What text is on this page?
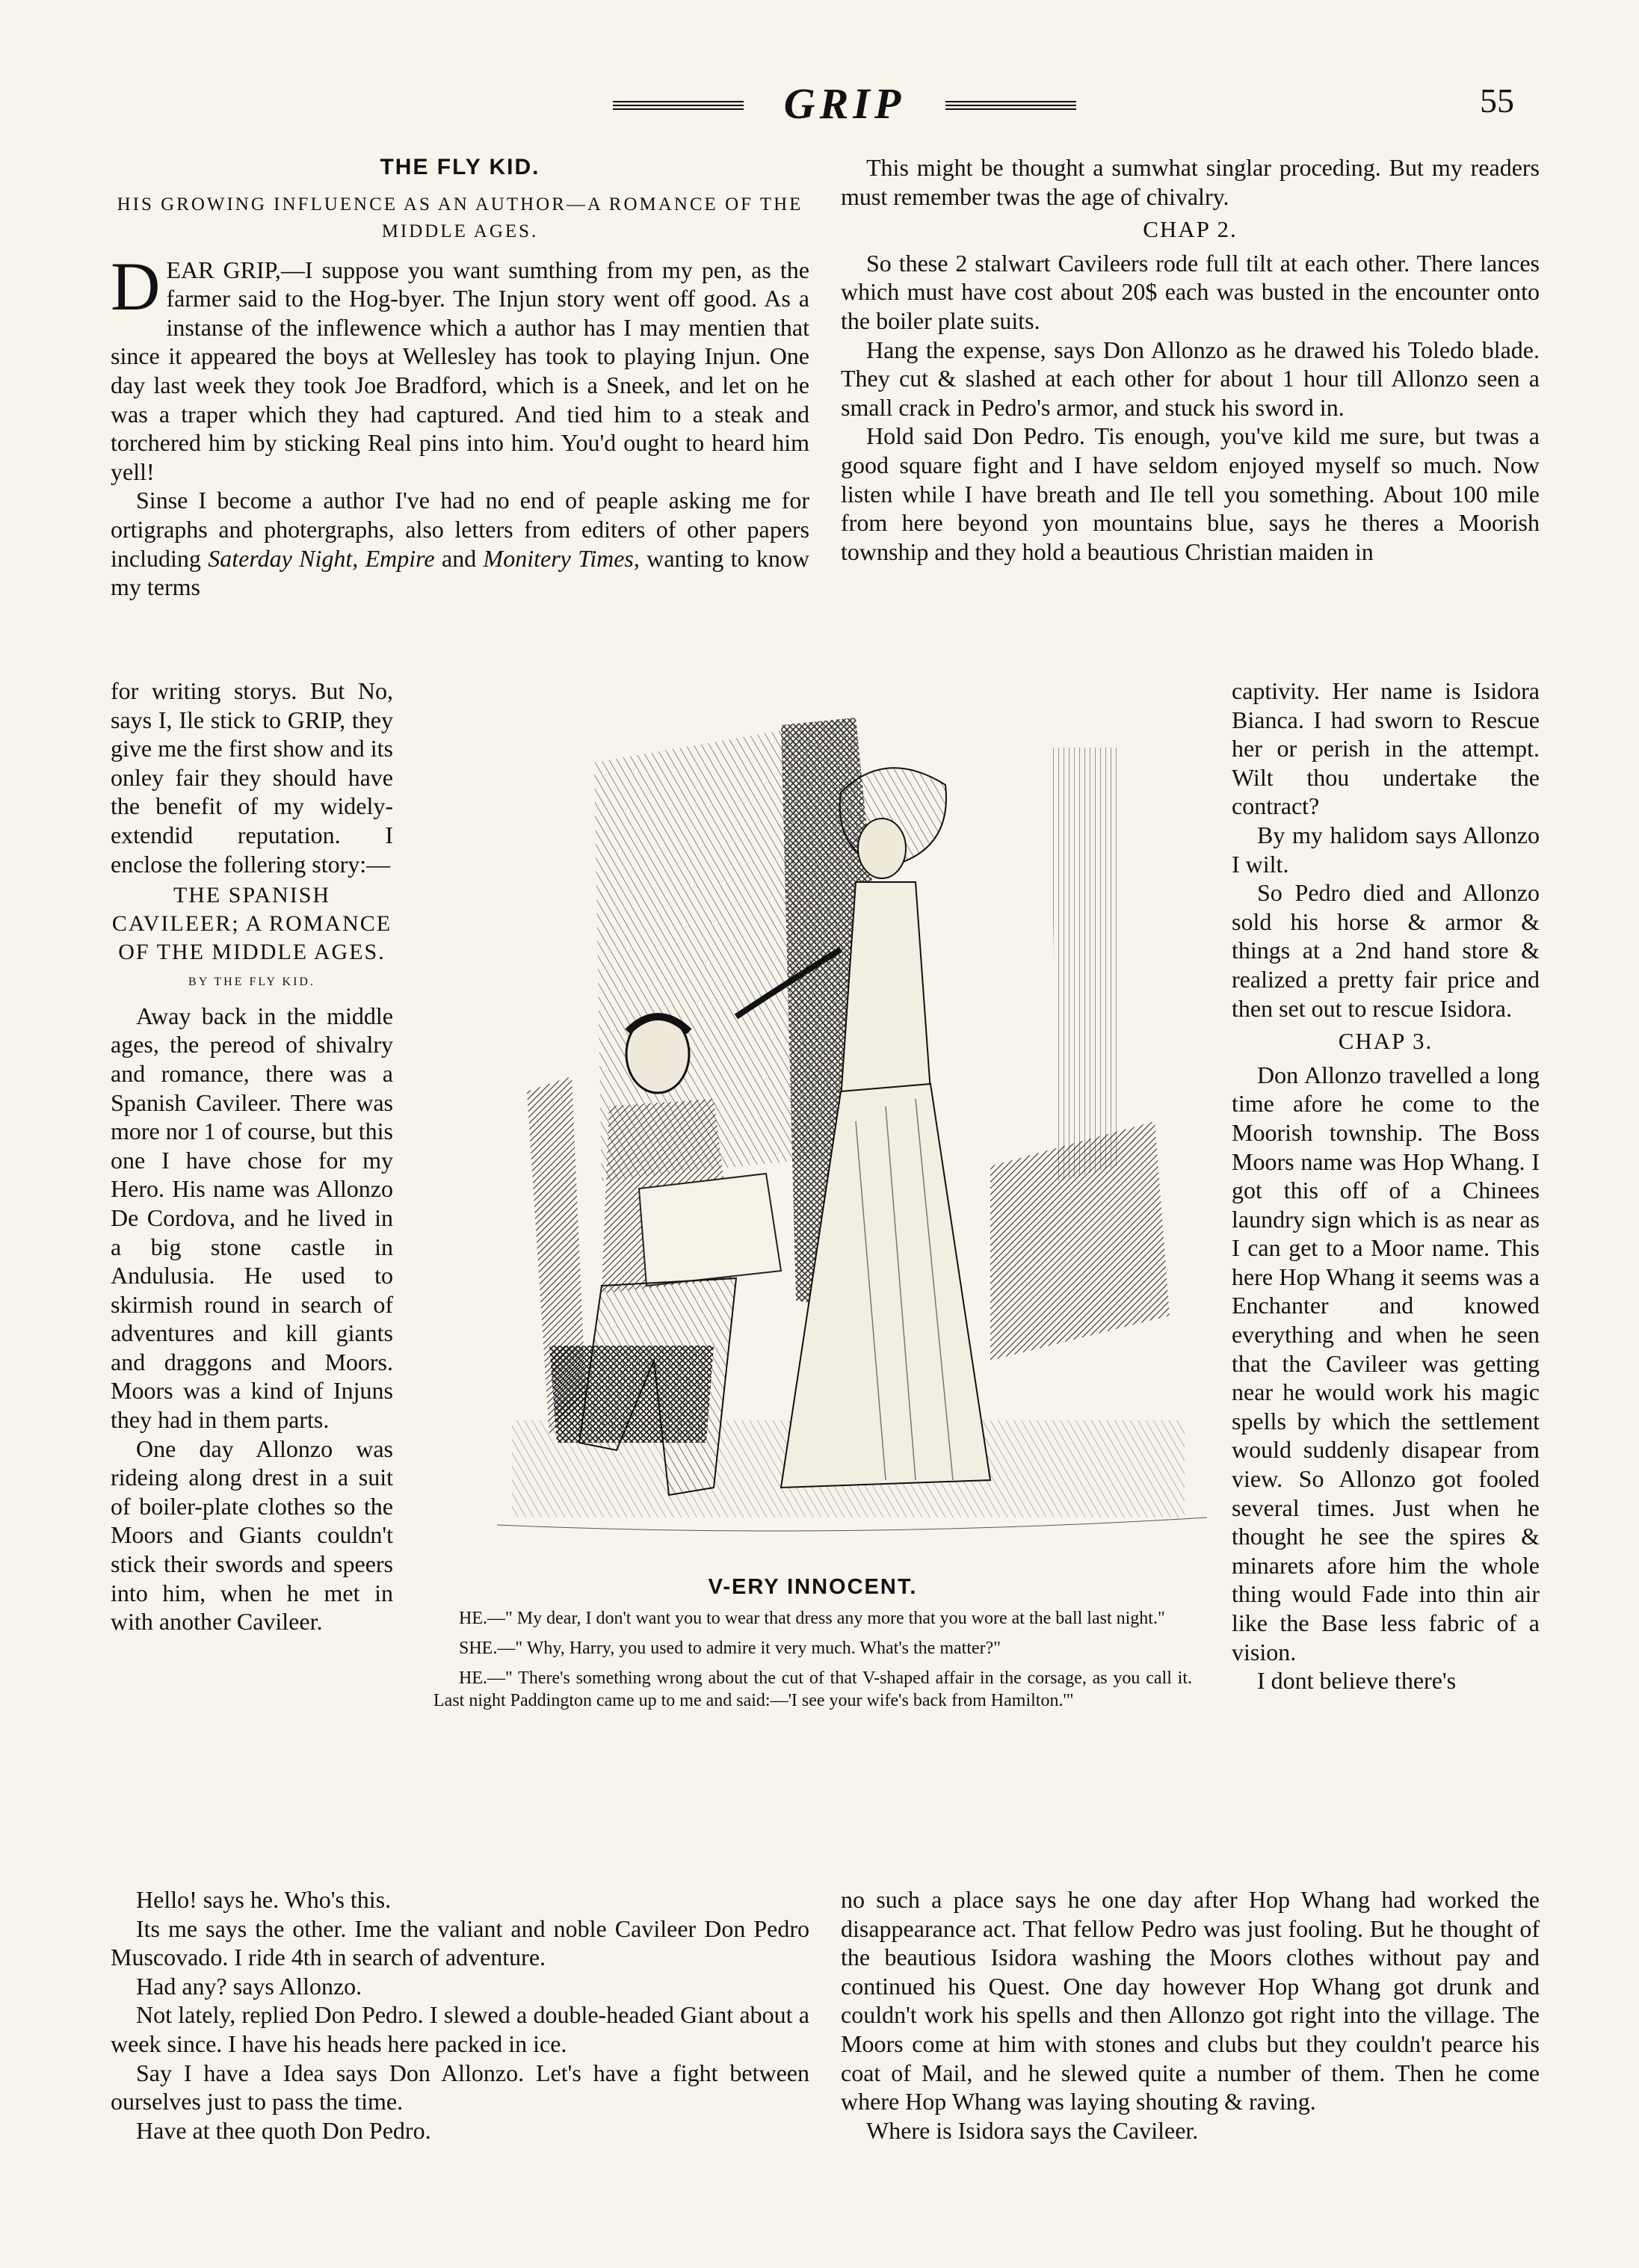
GRIP	55
THE FLY KID.
HIS GROWING INFLUENCE AS AN AUTHOR—A ROMANCE OF THE MIDDLE AGES.

DEAR GRIP,—I suppose you want sumthing from my pen, as the farmer said to the Hog-byer. The Injun story went off good. As a instanse of the inflewence which a author has I may mentien that since it appeared the boys at Wellesley has took to playing Injun. One day last week they took Joe Bradford, which is a Sneek, and let on he was a traper which they had captured. And tied him to a steak and torchered him by sticking Real pins into him. You'd ought to heard him yell!

Sinse I become a author I've had no end of peaple asking me for ortigraphs and photergraphs, also letters from editers of other papers including Saterday Night, Empire and Monitery Times, wanting to know my terms

for writing storys. But No, says I, Ile stick to GRIP, they give me the first show and its onley fair they should have the benefit of my widely-extendid reputation. I enclose the follering story:—

THE SPANISH CAVILEER; A ROMANCE OF THE MIDDLE AGES.
BY THE FLY KID.

Away back in the middle ages, the pereod of shivalry and romance, there was a Spanish Cavileer. There was more nor 1 of course, but this one I have chose for my Hero. His name was Allonzo De Cordova, and he lived in a big stone castle in Andulusia. He used to skirmish round in search of adventures and kill giants and draggons and Moors. Moors was a kind of Injuns they had in them parts.

One day Allonzo was rideing along drest in a suit of boiler-plate clothes so the Moors and Giants couldn't stick their swords and speers into him, when he met in with another Cavileer.

Hello! says he. Who's this.

Its me says the other. Ime the valiant and noble Cavileer Don Pedro Muscovado. I ride 4th in search of adventure.

Had any? says Allonzo.

Not lately, replied Don Pedro. I slewed a double-headed Giant about a week since. I have his heads here packed in ice.

Say I have a Idea says Don Allonzo. Let's have a fight between ourselves just to pass the time.

Have at thee quoth Don Pedro.

This might be thought a sumwhat singlar proceding. But my readers must remember twas the age of chivalry.

CHAP 2.

So these 2 stalwart Cavileers rode full tilt at each other. There lances which must have cost about 20$ each was busted in the encounter onto the boiler plate suits.

Hang the expense, says Don Allonzo as he drawed his Toledo blade. They cut & slashed at each other for about 1 hour till Allonzo seen a small crack in Pedro's armor, and stuck his sword in.

Hold said Don Pedro. Tis enough, you've kild me sure, but twas a good square fight and I have seldom enjoyed myself so much. Now listen while I have breath and Ile tell you something. About 100 mile from here beyond yon mountains blue, says he theres a Moorish township and they hold a beautious Christian maiden in

captivity. Her name is Isidora Bianca. I had sworn to Rescue her or perish in the attempt. Wilt thou undertake the contract?

By my halidom says Allonzo I wilt.

So Pedro died and Allonzo sold his horse & armor & things at a 2nd hand store & realized a pretty fair price and then set out to rescue Isidora.

CHAP 3.

Don Allonzo travelled a long time afore he come to the Moorish township. The Boss Moors name was Hop Whang. I got this off of a Chinees laundry sign which is as near as I can get to a Moor name. This here Hop Whang it seems was a Enchanter and knowed everything and when he seen that the Cavileer was getting near he would work his magic spells by which the settlement would suddenly disapear from view. So Allonzo got fooled several times. Just when he thought he see the spires & minarets afore him the whole thing would Fade into thin air like the Base less fabric of a vision.

I dont believe there's

no such a place says he one day after Hop Whang had worked the disappearance act. That fellow Pedro was just fooling. But he thought of the beautious Isidora washing the Moors clothes without pay and continued his Quest. One day however Hop Whang got drunk and couldn't work his spells and then Allonzo got right into the village. The Moors come at him with stones and clubs but they couldn't pearce his coat of Mail, and he slewed quite a number of them. Then he come where Hop Whang was laying shouting & raving.

Where is Isidora says the Cavileer.

V-ERY INNOCENT.

HE.—" My dear, I don't want you to wear that dress any more that you wore at the ball last night."

SHE.—" Why, Harry, you used to admire it very much. What's the matter?"

HE.—" There's something wrong about the cut of that V-shaped affair in the corsage, as you call it. Last night Paddington came up to me and said:—'I see your wife's back from Hamilton.'"
